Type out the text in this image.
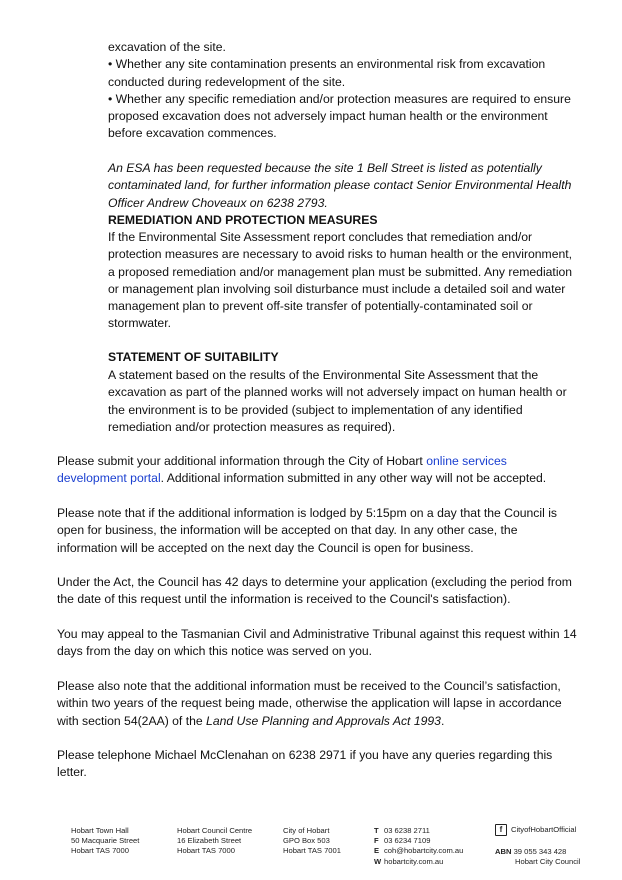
excavation of the site.
• Whether any site contamination presents an environmental risk from excavation conducted during redevelopment of the site.
• Whether any specific remediation and/or protection measures are required to ensure proposed excavation does not adversely impact human health or the environment before excavation commences.

An ESA has been requested because the site 1 Bell Street is listed as potentially contaminated land, for further information please contact Senior Environmental Health Officer Andrew Choveaux on 6238 2793.

REMEDIATION AND PROTECTION MEASURES

If the Environmental Site Assessment report concludes that remediation and/or protection measures are necessary to avoid risks to human health or the environment, a proposed remediation and/or management plan must be submitted. Any remediation or management plan involving soil disturbance must include a detailed soil and water management plan to prevent off-site transfer of potentially-contaminated soil or stormwater.

STATEMENT OF SUITABILITY

A statement based on the results of the Environmental Site Assessment that the excavation as part of the planned works will not adversely impact on human health or the environment is to be provided (subject to implementation of any identified remediation and/or protection measures as required).

Please submit your additional information through the City of Hobart online services development portal. Additional information submitted in any other way will not be accepted.

Please note that if the additional information is lodged by 5:15pm on a day that the Council is open for business, the information will be accepted on that day. In any other case, the information will be accepted on the next day the Council is open for business.

Under the Act, the Council has 42 days to determine your application (excluding the period from the date of this request until the information is received to the Council's satisfaction).

You may appeal to the Tasmanian Civil and Administrative Tribunal against this request within 14 days from the day on which this notice was served on you.

Please also note that the additional information must be received to the Council’s satisfaction, within two years of the request being made, otherwise the application will lapse in accordance with section 54(2AA) of the Land Use Planning and Approvals Act 1993.

Please telephone Michael McClenahan on 6238 2971 if you have any queries regarding this letter.

Hobart Town Hall
50 Macquarie Street
Hobart TAS 7000
Hobart Council Centre
16 Elizabeth Street
Hobart TAS 7000
City of Hobart
GPO Box 503
Hobart TAS 7001
T 03 6238 2711
F 03 6234 7109
E coh@hobartcity.com.au
W hobartcity.com.au
f CityofHobartOfficial
ABN 39 055 343 428
Hobart City Council
